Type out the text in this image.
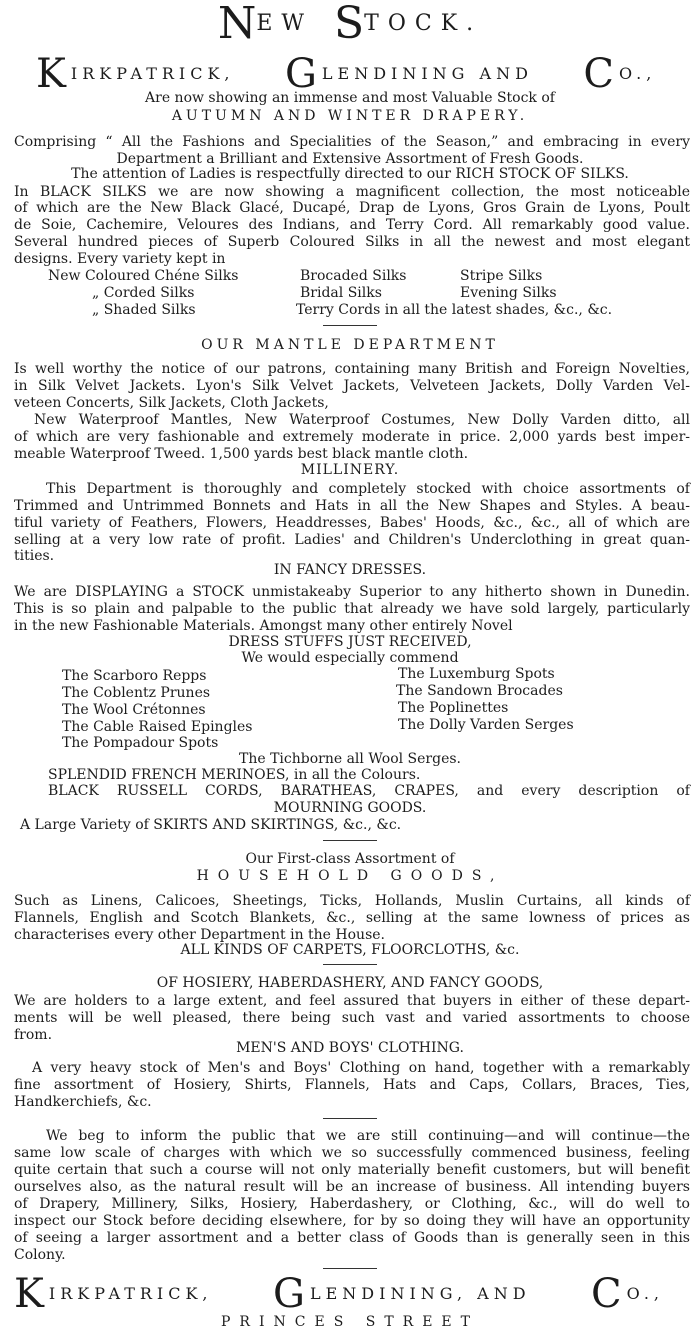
NEW STOCK.
KIRKPATRICK, GLENDINING AND CO.,
Are now showing an immense and most Valuable Stock of
AUTUMN AND WINTER DRAPERY.
Comprising “ All the Fashions and Specialities of the Season,” and embracing in every
Department a Brilliant and Extensive Assortment of Fresh Goods.
The attention of Ladies is respectfully directed to our RICH STOCK OF SILKS.
In BLACK SILKS we are now showing a magnificent collection, the most noticeable
of which are the New Black Glacé, Ducapé, Drap de Lyons, Gros Grain de Lyons, Poult
de Soie, Cachemire, Veloures des Indians, and Terry Cord. All remarkably good value.
Several hundred pieces of Superb Coloured Silks in all the newest and most elegant
designs. Every variety kept in
New Coloured Chéne Silks	Brocaded Silks	Stripe Silks
„ Corded Silks	Bridal Silks	Evening Silks
„ Shaded Silks	Terry Cords in all the latest shades, &c., &c.
OUR MANTLE DEPARTMENT
Is well worthy the notice of our patrons, containing many British and Foreign Novelties,
in Silk Velvet Jackets. Lyon's Silk Velvet Jackets, Velveteen Jackets, Dolly Varden Vel-
veteen Concerts, Silk Jackets, Cloth Jackets,
New Waterproof Mantles, New Waterproof Costumes, New Dolly Varden ditto, all
of which are very fashionable and extremely moderate in price. 2,000 yards best imper-
meable Waterproof Tweed. 1,500 yards best black mantle cloth.
MILLINERY.
This Department is thoroughly and completely stocked with choice assortments of
Trimmed and Untrimmed Bonnets and Hats in all the New Shapes and Styles. A beau-
tiful variety of Feathers, Flowers, Headdresses, Babes' Hoods, &c., &c., all of which are
selling at a very low rate of profit. Ladies' and Children's Underclothing in great quan-
tities.
IN FANCY DRESSES.
We are DISPLAYING a STOCK unmistakeaby Superior to any hitherto shown in Dunedin.
This is so plain and palpable to the public that already we have sold largely, particularly
in the new Fashionable Materials. Amongst many other entirely Novel
DRESS STUFFS JUST RECEIVED,
We would especially commend
The Scarboro Repps
The Coblentz Prunes
The Wool Crétonnes
The Cable Raised Epingles
The Pompadour Spots
The Luxemburg Spots
The Sandown Brocades
The Poplinettes
The Dolly Varden Serges
The Tichborne all Wool Serges.
SPLENDID FRENCH MERINOES, in all the Colours.
BLACK RUSSELL CORDS, BARATHEAS, CRAPES, and every description of
MOURNING GOODS.
A Large Variety of SKIRTS AND SKIRTINGS, &c., &c.
Our First-class Assortment of
HOUSEHOLD GOODS,
Such as Linens, Calicoes, Sheetings, Ticks, Hollands, Muslin Curtains, all kinds of
Flannels, English and Scotch Blankets, &c., selling at the same lowness of prices as
characterises every other Department in the House.
ALL KINDS OF CARPETS, FLOORCLOTHS, &c.
OF HOSIERY, HABERDASHERY, AND FANCY GOODS,
We are holders to a large extent, and feel assured that buyers in either of these depart-
ments will be well pleased, there being such vast and varied assortments to choose
from.
MEN'S AND BOYS' CLOTHING.
A very heavy stock of Men's and Boys' Clothing on hand, together with a remarkably
fine assortment of Hosiery, Shirts, Flannels, Hats and Caps, Collars, Braces, Ties,
Handkerchiefs, &c.
We beg to inform the public that we are still continuing—and will continue—the
same low scale of charges with which we so successfully commenced business, feeling
quite certain that such a course will not only materially benefit customers, but will benefit
ourselves also, as the natural result will be an increase of business. All intending buyers
of Drapery, Millinery, Silks, Hosiery, Haberdashery, or Clothing, &c., will do well to
inspect our Stock before deciding elsewhere, for by so doing they will have an opportunity
of seeing a larger assortment and a better class of Goods than is generally seen in this
Colony.
KIRKPATRICK, GLENDINING, AND CO.,
PRINCES STREET
